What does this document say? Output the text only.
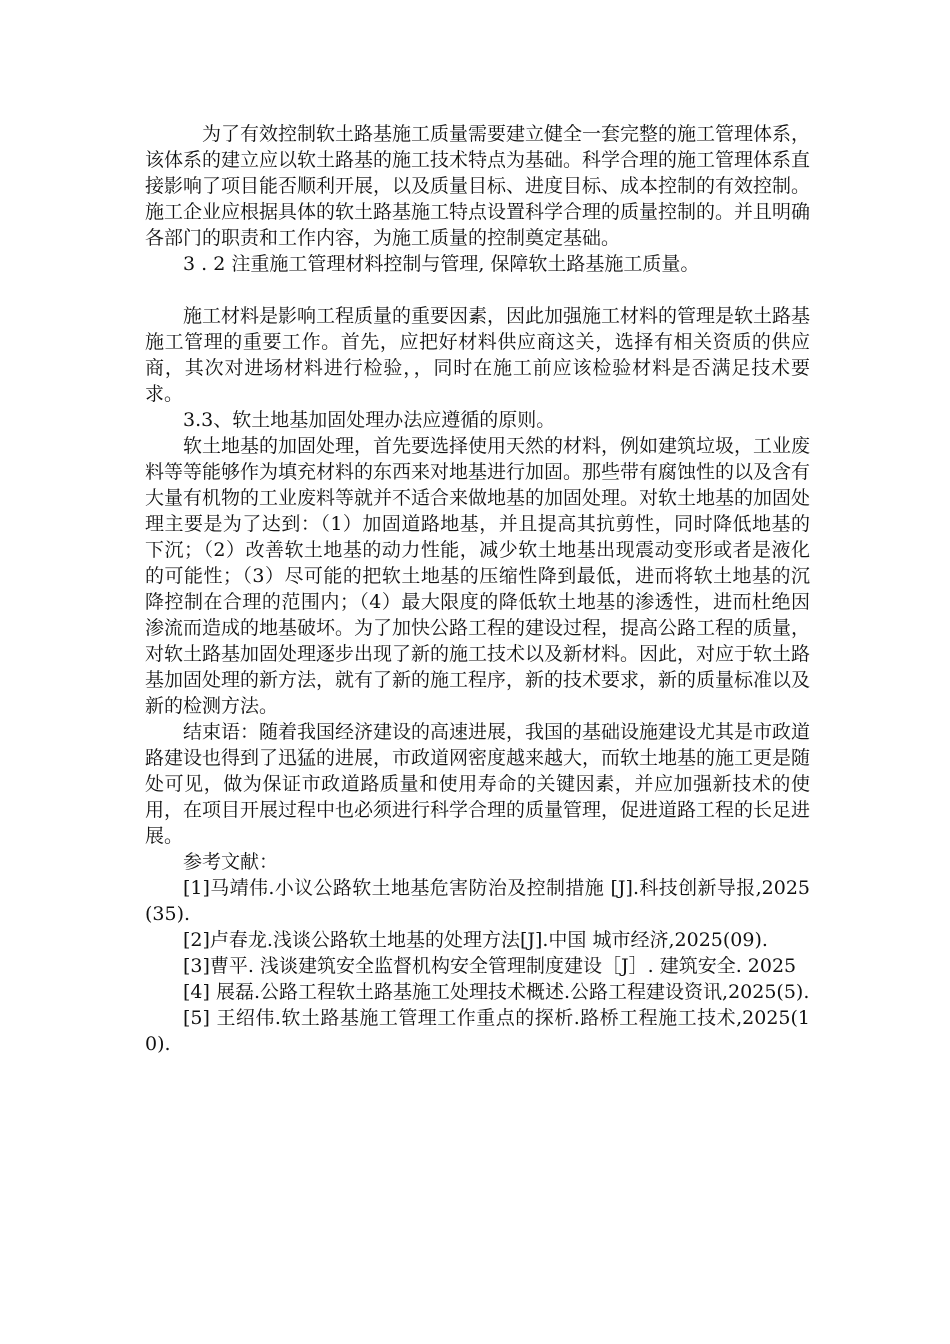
为了有效控制软土路基施工质量需要建立健全一套完整的施工管理体系，该体系的建立应以软土路基的施工技术特点为基础。科学合理的施工管理体系直接影响了项目能否顺利开展，以及质量目标、进度目标、成本控制的有效控制。施工企业应根据具体的软土路基施工特点设置科学合理的质量控制的。并且明确各部门的职责和工作内容，为施工质量的控制奠定基础。

3 . 2 注重施工管理材料控制与管理, 保障软土路基施工质量。

施工材料是影响工程质量的重要因素，因此加强施工材料的管理是软土路基施工管理的重要工作。首先，应把好材料供应商这关，选择有相关资质的供应商，其次对进场材料进行检验，，同时在施工前应该检验材料是否满足技术要求。

3.3、软土地基加固处理办法应遵循的原则。

软土地基的加固处理，首先要选择使用天然的材料，例如建筑垃圾，工业废料等等能够作为填充材料的东西来对地基进行加固。那些带有腐蚀性的以及含有大量有机物的工业废料等就并不适合来做地基的加固处理。对软土地基的加固处理主要是为了达到：（1）加固道路地基，并且提高其抗剪性，同时降低地基的下沉；（2）改善软土地基的动力性能，减少软土地基出现震动变形或者是液化的可能性；（3）尽可能的把软土地基的压缩性降到最低，进而将软土地基的沉降控制在合理的范围内；（4）最大限度的降低软土地基的渗透性，进而杜绝因渗流而造成的地基破坏。为了加快公路工程的建设过程，提高公路工程的质量，对软土路基加固处理逐步出现了新的施工技术以及新材料。因此，对应于软土路基加固处理的新方法，就有了新的施工程序，新的技术要求，新的质量标准以及新的检测方法。

结束语：随着我国经济建设的高速进展，我国的基础设施建设尤其是市政道路建设也得到了迅猛的进展，市政道网密度越来越大，而软土地基的施工更是随处可见，做为保证市政道路质量和使用寿命的关键因素，并应加强新技术的使用，在项目开展过程中也必须进行科学合理的质量管理，促进道路工程的长足进展。

参考文献：

[1]马靖伟.小议公路软土地基危害防治及控制措施 [J].科技创新导报,2025(35).

[2]卢春龙.浅谈公路软土地基的处理方法[J].中国 城市经济,2025(09).

[3]曹平. 浅谈建筑安全监督机构安全管理制度建设［J］. 建筑安全. 2025

[4] 展磊.公路工程软土路基施工处理技术概述.公路工程建设资讯,2025(5).

[5] 王绍伟.软土路基施工管理工作重点的探析.路桥工程施工技术,2025(10).
